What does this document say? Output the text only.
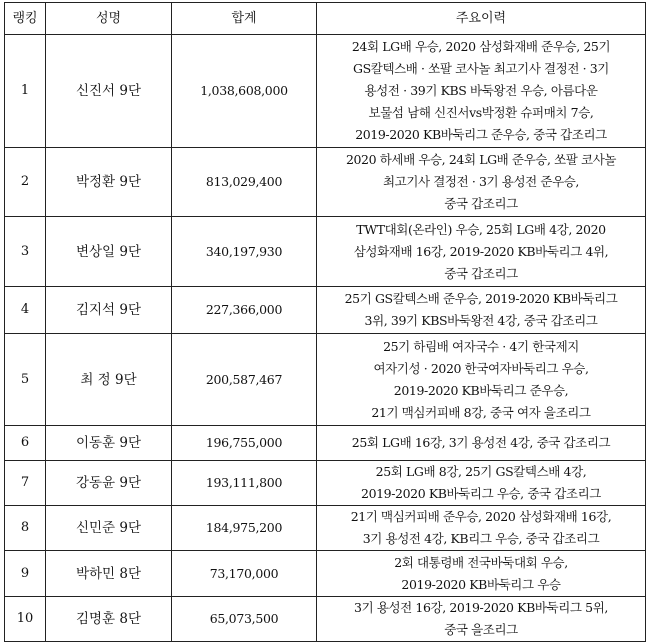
랭킹	성명	합계	주요이력
1	신진서 9단	1,038,608,000	24회 LG배 우승, 2020 삼성화재배 준우승, 25기
GS칼텍스배 · 쏘팔 코사놀 최고기사 결정전 · 3기
용성전 · 39기 KBS 바둑왕전 우승, 아름다운
보물섬 남해 신진서vs박정환 슈퍼매치 7승,
2019-2020 KB바둑리그 준우승, 중국 갑조리그

2	박정환 9단	813,029,400	2020 하세배 우승, 24회 LG배 준우승, 쏘팔 코사놀
최고기사 결정전 · 3기 용성전 준우승,
중국 갑조리그

3	변상일 9단	340,197,930	TWT대회(온라인) 우승, 25회 LG배 4강, 2020
삼성화재배 16강, 2019-2020 KB바둑리그 4위,
중국 갑조리그

4	김지석 9단	227,366,000	25기 GS칼텍스배 준우승, 2019-2020 KB바둑리그
3위, 39기 KBS바둑왕전 4강, 중국 갑조리그

5	최 정 9단	200,587,467	25기 하림배 여자국수 · 4기 한국제지
여자기성 · 2020 한국여자바둑리그 우승,
2019-2020 KB바둑리그 준우승,
21기 맥심커피배 8강, 중국 여자 을조리그

6	이동훈 9단	196,755,000	25회 LG배 16강, 3기 용성전 4강, 중국 갑조리그

7	강동윤 9단	193,111,800	25회 LG배 8강, 25기 GS칼텍스배 4강,
2019-2020 KB바둑리그 우승, 중국 갑조리그

8	신민준 9단	184,975,200	21기 맥심커피배 준우승, 2020 삼성화재배 16강,
3기 용성전 4강, KB리그 우승, 중국 갑조리그

9	박하민 8단	73,170,000	2회 대통령배 전국바둑대회 우승,
2019-2020 KB바둑리그 우승

10	김명훈 8단	65,073,500	3기 용성전 16강, 2019-2020 KB바둑리그 5위,
중국 을조리그
